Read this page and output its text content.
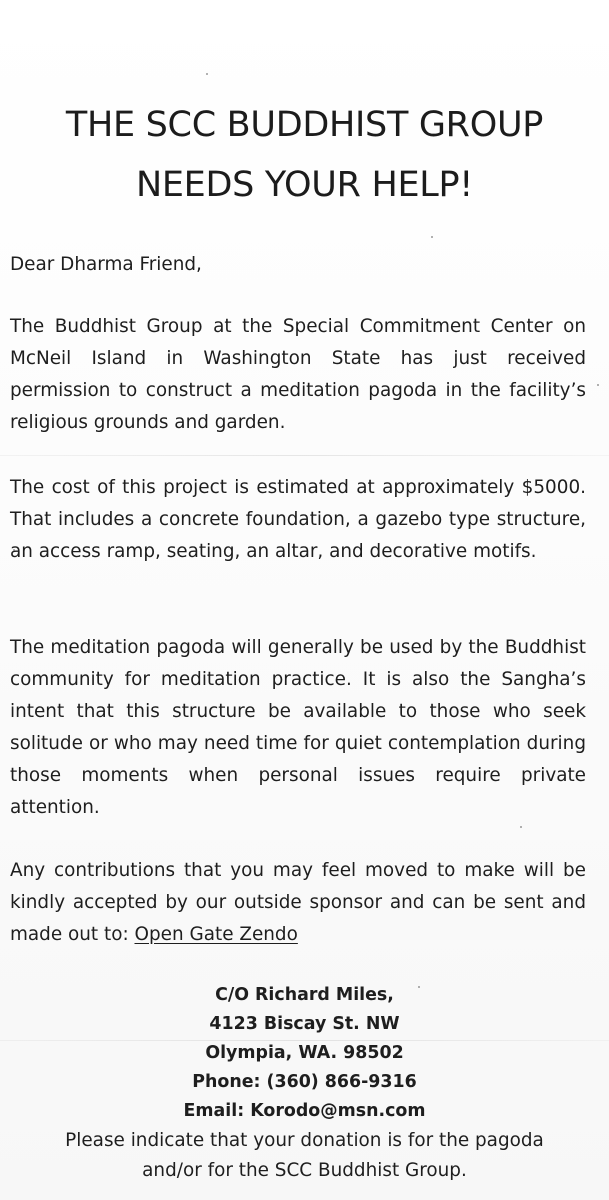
THE SCC BUDDHIST GROUP
NEEDS YOUR HELP!

Dear Dharma Friend,

The Buddhist Group at the Special Commitment Center on McNeil Island in Washington State has just received permission to construct a meditation pagoda in the facility’s religious grounds and garden.

The cost of this project is estimated at approximately $5000. That includes a concrete foundation, a gazebo type structure, an access ramp, seating, an altar, and decorative motifs.

The meditation pagoda will generally be used by the Buddhist community for meditation practice. It is also the Sangha’s intent that this structure be available to those who seek solitude or who may need time for quiet contemplation during those moments when personal issues require private attention.

Any contributions that you may feel moved to make will be kindly accepted by our outside sponsor and can be sent and made out to: Open Gate Zendo

C/O Richard Miles,

4123 Biscay St. NW

Olympia, WA. 98502

Phone: (360) 866-9316

Email: Korodo@msn.com

Please indicate that your donation is for the pagoda

and/or for the SCC Buddhist Group.
